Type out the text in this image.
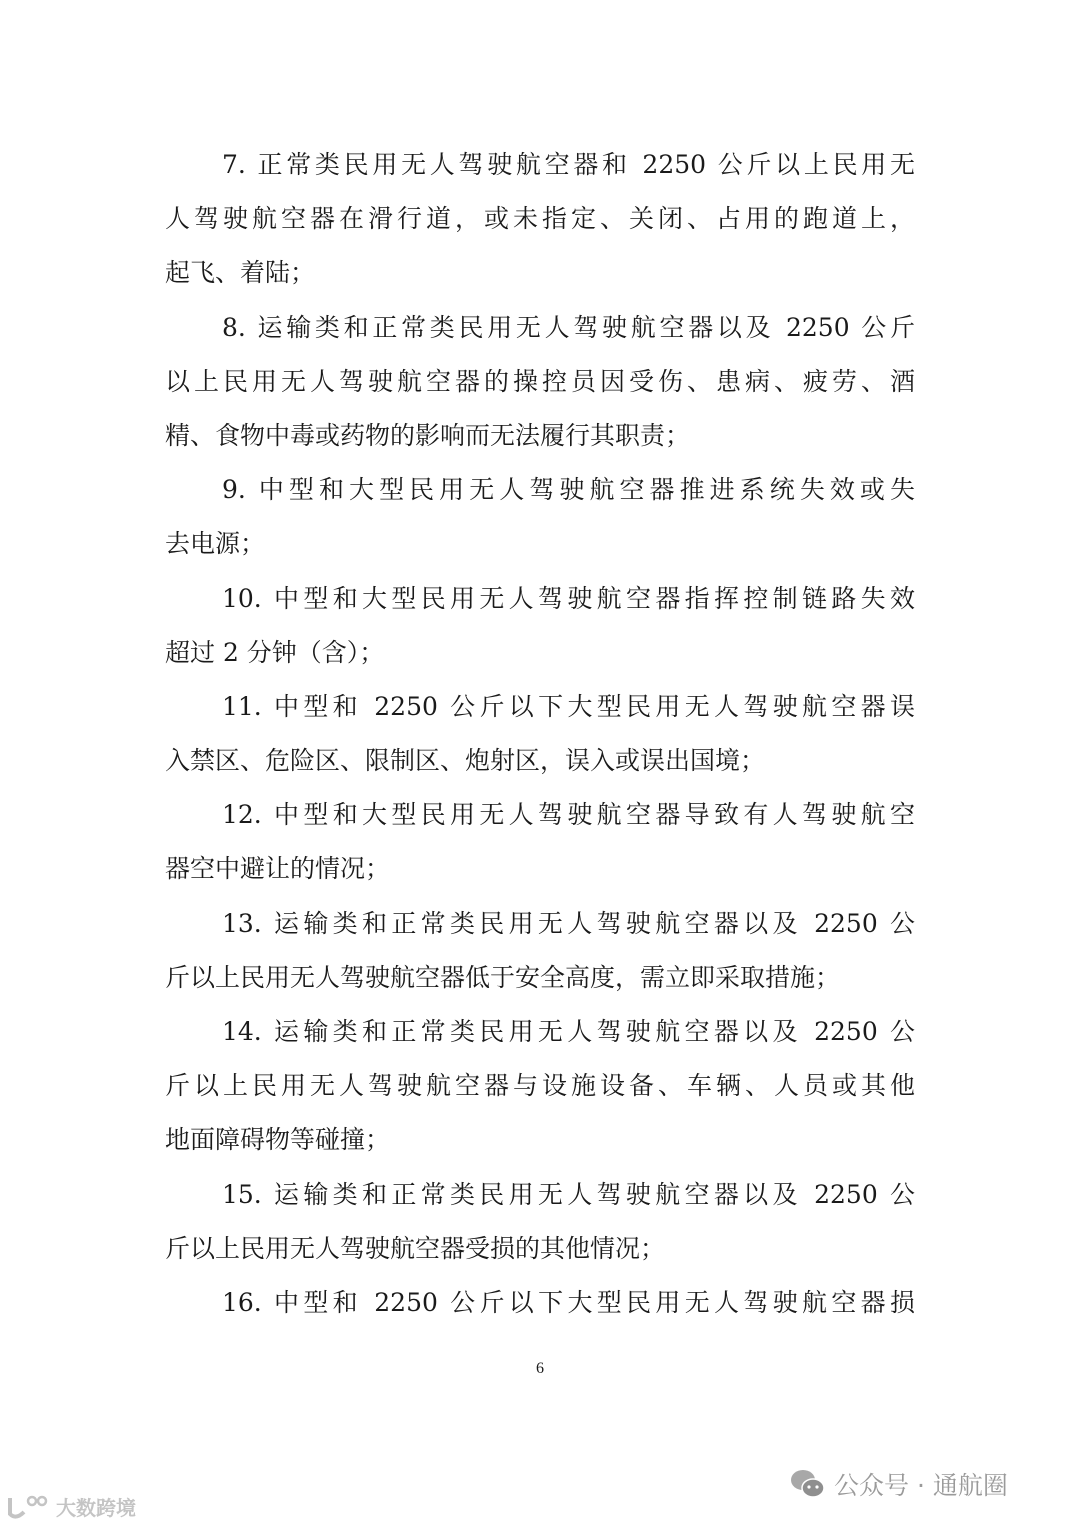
7. 正常类民用无人驾驶航空器和 2250 公斤以上民用无
人驾驶航空器在滑行道，或未指定、关闭、占用的跑道上，
起飞、着陆；
8. 运输类和正常类民用无人驾驶航空器以及 2250 公斤
以上民用无人驾驶航空器的操控员因受伤、患病、疲劳、酒
精、食物中毒或药物的影响而无法履行其职责；
9. 中型和大型民用无人驾驶航空器推进系统失效或失
去电源；
10. 中型和大型民用无人驾驶航空器指挥控制链路失效
超过 2 分钟（含）；
11. 中型和 2250 公斤以下大型民用无人驾驶航空器误
入禁区、危险区、限制区、炮射区，误入或误出国境；
12. 中型和大型民用无人驾驶航空器导致有人驾驶航空
器空中避让的情况；
13. 运输类和正常类民用无人驾驶航空器以及 2250 公
斤以上民用无人驾驶航空器低于安全高度，需立即采取措施；
14. 运输类和正常类民用无人驾驶航空器以及 2250 公
斤以上民用无人驾驶航空器与设施设备、车辆、人员或其他
地面障碍物等碰撞；
15. 运输类和正常类民用无人驾驶航空器以及 2250 公
斤以上民用无人驾驶航空器受损的其他情况；
16. 中型和 2250 公斤以下大型民用无人驾驶航空器损
6
公众号 · 通航圈
大数跨境
